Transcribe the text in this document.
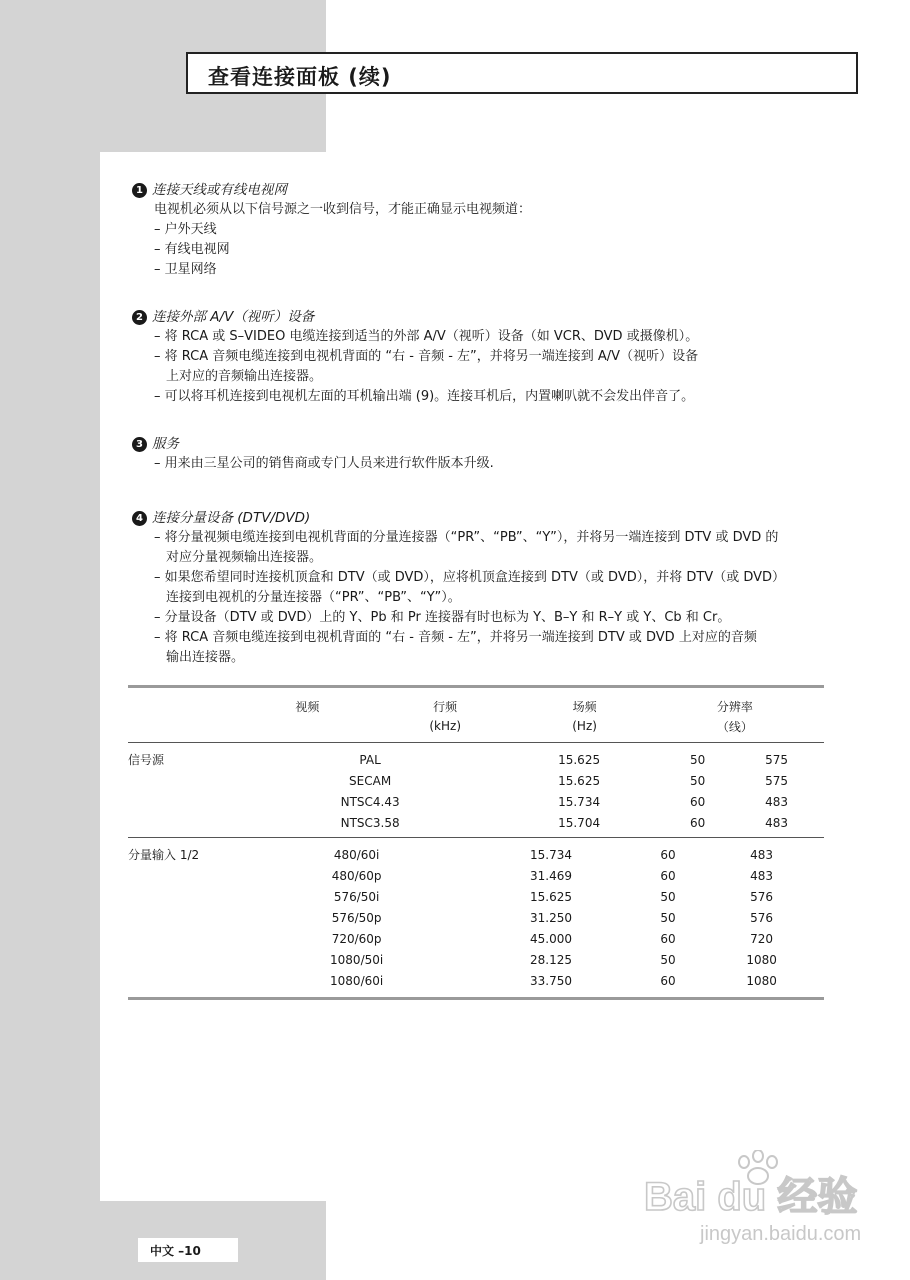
查看连接面板 (续)
1 连接天线或有线电视网
电视机必须从以下信号源之一收到信号，才能正确显示电视频道：
– 户外天线
– 有线电视网
– 卫星网络
2 连接外部 A/V（视听）设备
– 将 RCA 或 S–VIDEO 电缆连接到适当的外部 A/V（视听）设备（如 VCR、DVD 或摄像机）。
– 将 RCA 音频电缆连接到电视机背面的 “右 - 音频 - 左”，并将另一端连接到 A/V（视听）设备
上对应的音频输出连接器。
– 可以将耳机连接到电视机左面的耳机输出端 (9)。连接耳机后，内置喇叭就不会发出伴音了。
3 服务
– 用来由三星公司的销售商或专门人员来进行软件版本升级.
4 连接分量设备 (DTV/DVD)
– 将分量视频电缆连接到电视机背面的分量连接器（“PR”、“PB”、“Y”），并将另一端连接到 DTV 或 DVD 的
对应分量视频输出连接器。
– 如果您希望同时连接机顶盒和 DTV（或 DVD），应将机顶盒连接到 DTV（或 DVD），并将 DTV（或 DVD）
连接到电视机的分量连接器（“PR”、“PB”、“Y”）。
– 分量设备（DTV 或 DVD）上的 Y、Pb 和 Pr 连接器有时也标为 Y、B–Y 和 R–Y 或 Y、Cb 和 Cr。
– 将 RCA 音频电缆连接到电视机背面的 “右 - 音频 - 左”，并将另一端连接到 DTV 或 DVD 上对应的音频
输出连接器。
	视频	行频	场频	分辨率
		(kHz)	(Hz)	（线）
信号源	PAL	15.625	50	575
	SECAM	15.625	50	575
	NTSC4.43	15.734	60	483
	NTSC3.58	15.704	60	483
分量输入 1/2	480/60i	15.734	60	483
	480/60p	31.469	60	483
	576/50i	15.625	50	576
	576/50p	31.250	50	576
	720/60p	45.000	60	720
	1080/50i	28.125	50	1080
	1080/60i	33.750	60	1080
中文 –10
Bai du 经验
jingyan.baidu.com
